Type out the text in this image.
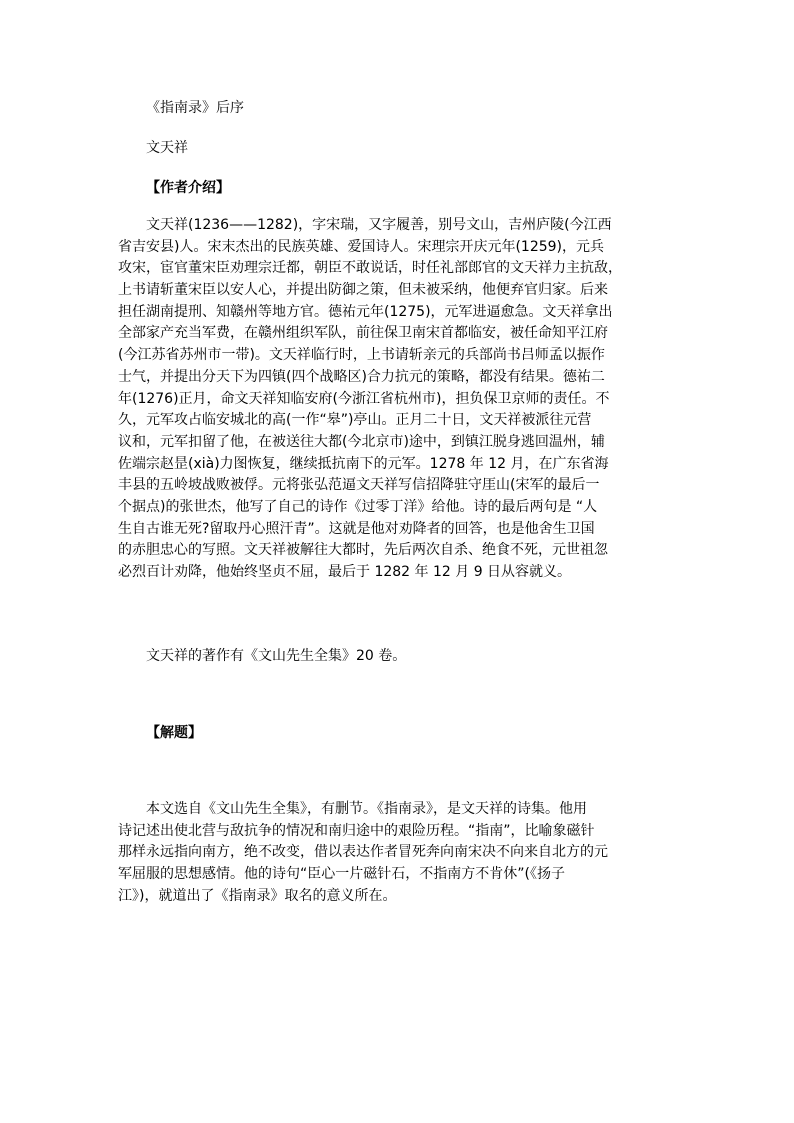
《指南录》后序
文天祥
【作者介绍】
文天祥(1236——1282)，字宋瑞，又字履善，别号文山，吉州庐陵(今江西
省吉安县)人。宋末杰出的民族英雄、爱国诗人。宋理宗开庆元年(1259)，元兵
攻宋，宦官董宋臣劝理宗迁都，朝臣不敢说话，时任礼部郎官的文天祥力主抗敌，
上书请斩董宋臣以安人心，并提出防御之策，但未被采纳，他便弃官归家。后来
担任湖南提刑、知赣州等地方官。德祐元年(1275)，元军进逼愈急。文天祥拿出
全部家产充当军费，在赣州组织军队，前往保卫南宋首都临安，被任命知平江府
(今江苏省苏州市一带)。文天祥临行时，上书请斩亲元的兵部尚书吕师孟以振作
士气，并提出分天下为四镇(四个战略区)合力抗元的策略，都没有结果。德祐二
年(1276)正月，命文天祥知临安府(今浙江省杭州市)，担负保卫京师的责任。不
久，元军攻占临安城北的高(一作“皋”)亭山。正月二十日，文天祥被派往元营
议和，元军扣留了他，在被送往大都(今北京市)途中，到镇江脱身逃回温州，辅
佐端宗赵昰(xià)力图恢复，继续抵抗南下的元军。1278 年 12 月，在广东省海
丰县的五岭坡战败被俘。元将张弘范逼文天祥写信招降驻守厓山(宋军的最后一
个据点)的张世杰，他写了自己的诗作《过零丁洋》给他。诗的最后两句是 “人
生自古谁无死?留取丹心照汗青”。这就是他对劝降者的回答，也是他舍生卫国
的赤胆忠心的写照。文天祥被解往大都时，先后两次自杀、绝食不死，元世祖忽
必烈百计劝降，他始终坚贞不屈，最后于 1282 年 12 月 9 日从容就义。
文天祥的著作有《文山先生全集》20 卷。
【解题】
本文选自《文山先生全集》，有删节。《指南录》，是文天祥的诗集。他用
诗记述出使北营与敌抗争的情况和南归途中的艰险历程。“指南”，比喻象磁针
那样永远指向南方，绝不改变，借以表达作者冒死奔向南宋决不向来自北方的元
军屈服的思想感情。他的诗句“臣心一片磁针石，不指南方不肯休”(《扬子
江》)，就道出了《指南录》取名的意义所在。
